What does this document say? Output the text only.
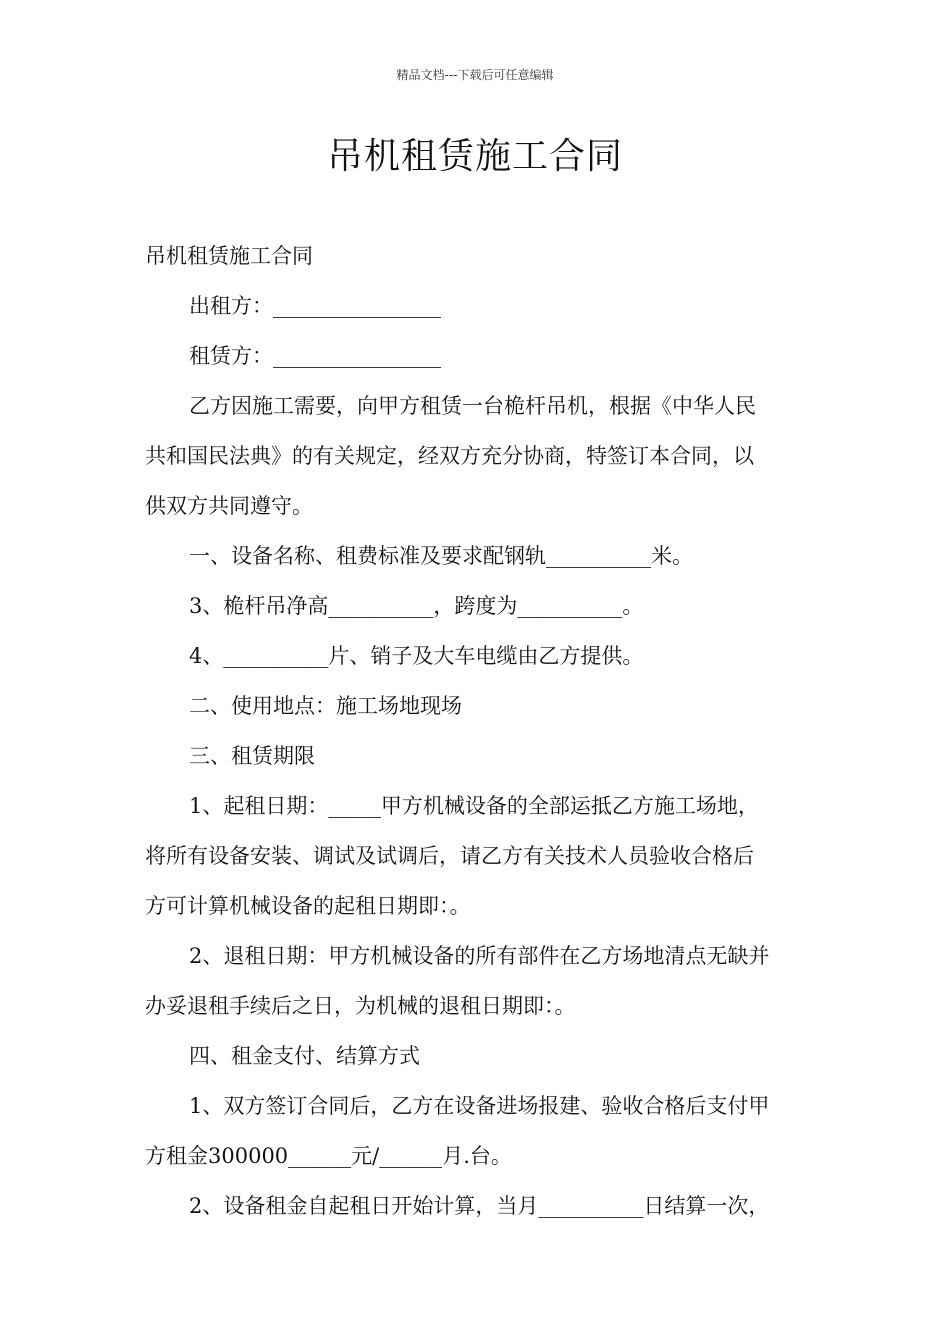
精品文档---下载后可任意编辑
吊机租赁施工合同
吊机租赁施工合同
出租方：________________
租赁方：________________
乙方因施工需要，向甲方租赁一台桅杆吊机，根据《中华人民
共和国民法典》的有关规定，经双方充分协商，特签订本合同，以
供双方共同遵守。
一、设备名称、租费标准及要求配钢轨__________米。
3、桅杆吊净高__________，跨度为__________。
4、__________片、销子及大车电缆由乙方提供。
二、使用地点：施工场地现场
三、租赁期限
1、起租日期：_____甲方机械设备的全部运抵乙方施工场地，
将所有设备安装、调试及试调后，请乙方有关技术人员验收合格后
方可计算机械设备的起租日期即：。
2、退租日期：甲方机械设备的所有部件在乙方场地清点无缺并
办妥退租手续后之日，为机械的退租日期即：。
四、租金支付、结算方式
1、双方签订合同后，乙方在设备进场报建、验收合格后支付甲
方租金300000______元/______月.台。
2、设备租金自起租日开始计算，当月__________日结算一次，
